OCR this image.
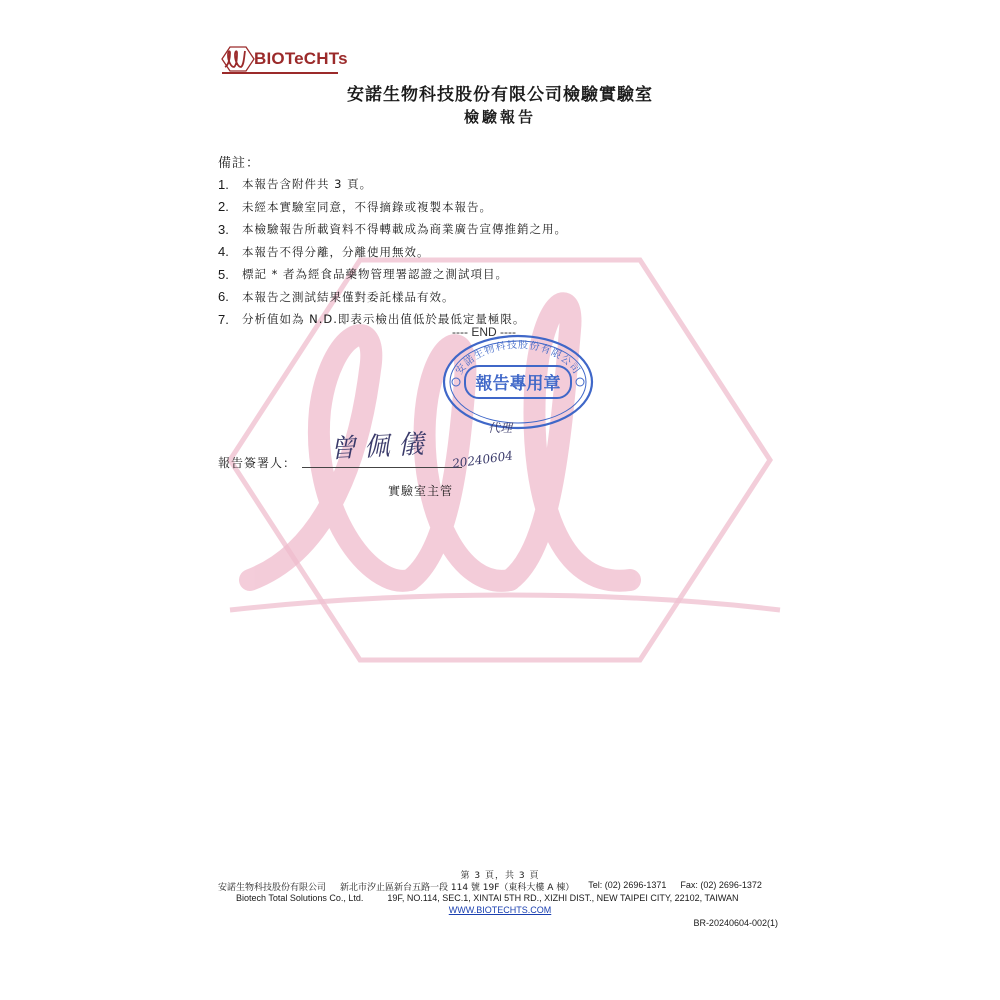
BIOTeCHTs
安諾生物科技股份有限公司檢驗實驗室
檢驗報告
備註：
1.	本報告含附件共 3 頁。
2.	未經本實驗室同意，不得摘錄或複製本報告。
3.	本檢驗報告所載資料不得轉載成為商業廣告宣傳推銷之用。
4.	本報告不得分離，分離使用無效。
5.	標記 * 者為經食品藥物管理署認證之測試項目。
6.	本報告之測試結果僅對委託樣品有效。
7.	分析值如為 N.D.即表示檢出值低於最低定量極限。
---- END ----
安諾生物科技股份有限公司
報告專用章
報告簽署人： 曾佩儀
代理
20240604
實驗室主管
第 3 頁，共 3 頁
安諾生物科技股份有限公司 新北市汐止區新台五路一段 114 號 19F（東科大樓 A 棟） Tel: (02) 2696-1371 Fax: (02) 2696-1372
Biotech Total Solutions Co., Ltd.	19F, NO.114, SEC.1, XINTAI 5TH RD., XIZHI DIST., NEW TAIPEI CITY, 22102, TAIWAN
WWW.BIOTECHTS.COM
BR-20240604-002(1)
